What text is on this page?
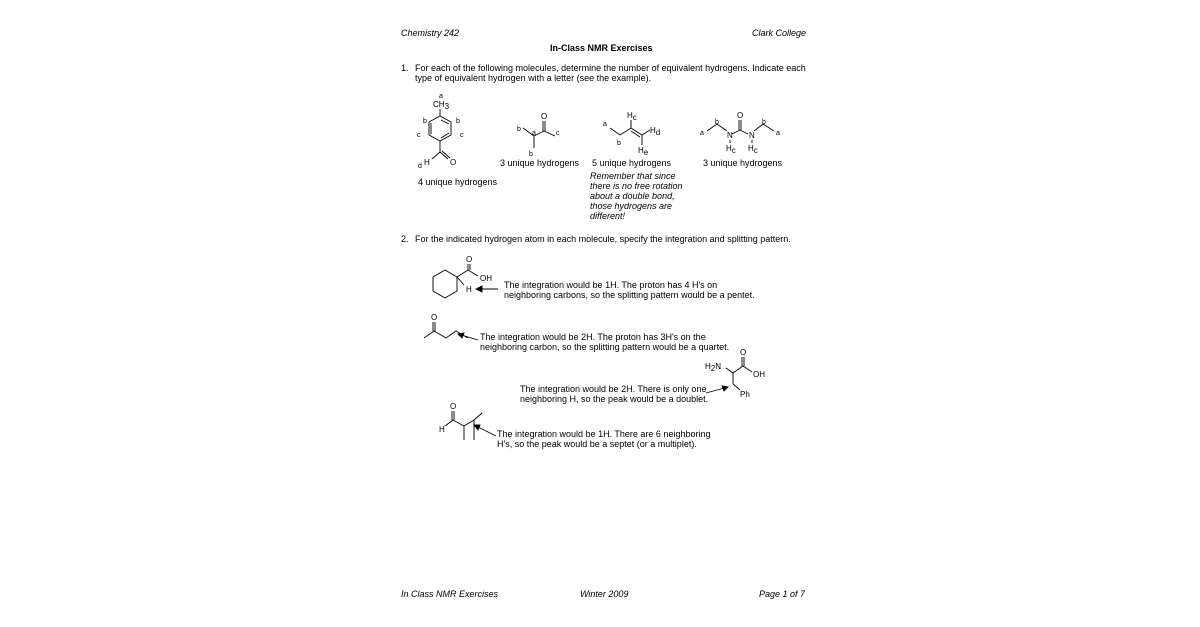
Chemistry 242	Clark College
In-Class NMR Exercises
1. For each of the following molecules, determine the number of equivalent hydrogens. Indicate each
type of equivalent hydrogen with a letter (see the example).
a
CH3
b	b
c	c
O
H
d
4 unique hydrogens
O
b
a	c
b
3 unique hydrogens
a
Hc
Hd
He
b
5 unique hydrogens
Remember that since
there is no free rotation
about a double bond,
those hydrogens are
different!
O
N N
Hc Hc
a
b	b
a
3 unique hydrogens
2. For the indicated hydrogen atom in each molecule, specify the integration and splitting pattern.
O
OH
H	The integration would be 1H. The proton has 4 H's on
neighboring carbons, so the splitting pattern would be a pentet.
O
The integration would be 2H. The proton has 3H's on the
neighboring carbon, so the splitting pattern would be a quartet.
O
H2N
OH
Ph
The integration would be 2H. There is only one
neighboring H, so the peak would be a doublet.
O
H	The integration would be 1H. There are 6 neighboring
H's, so the peak would be a septet (or a multiplet).
In Class NMR Exercises	Winter 2009	Page 1 of 7
